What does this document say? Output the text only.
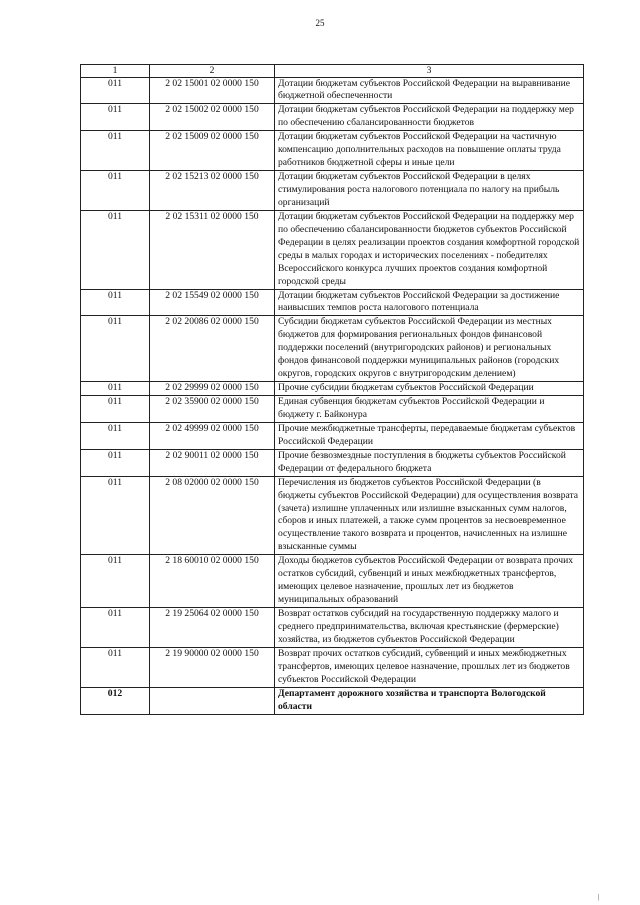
25
1	2	3
011	2 02 15001 02 0000 150	Дотации бюджетам субъектов Российской Федерации на выравнивание бюджетной обеспеченности
011	2 02 15002 02 0000 150	Дотации бюджетам субъектов Российской Федерации на поддержку мер по обеспечению сбалансированности бюджетов
011	2 02 15009 02 0000 150	Дотации бюджетам субъектов Российской Федерации на частичную компенсацию дополнительных расходов на повышение оплаты труда работников бюджетной сферы и иные цели
011	2 02 15213 02 0000 150	Дотации бюджетам субъектов Российской Федерации в целях стимулирования роста налогового потенциала по налогу на прибыль организаций
011	2 02 15311 02 0000 150	Дотации бюджетам субъектов Российской Федерации на поддержку мер по обеспечению сбалансированности бюджетов субъектов Российской Федерации в целях реализации проектов создания комфортной городской среды в малых городах и исторических поселениях - победителях Всероссийского конкурса лучших проектов создания комфортной городской среды
011	2 02 15549 02 0000 150	Дотации бюджетам субъектов Российской Федерации за достижение наивысших темпов роста налогового потенциала
011	2 02 20086 02 0000 150	Субсидии бюджетам субъектов Российской Федерации из местных бюджетов для формирования региональных фондов финансовой поддержки поселений (внутригородских районов) и региональных фондов финансовой поддержки муниципальных районов (городских округов, городских округов с внутригородским делением)
011	2 02 29999 02 0000 150	Прочие субсидии бюджетам субъектов Российской Федерации
011	2 02 35900 02 0000 150	Единая субвенция бюджетам субъектов Российской Федерации и бюджету г. Байконура
011	2 02 49999 02 0000 150	Прочие межбюджетные трансферты, передаваемые бюджетам субъектов Российской Федерации
011	2 02 90011 02 0000 150	Прочие безвозмездные поступления в бюджеты субъектов Российской Федерации от федерального бюджета
011	2 08 02000 02 0000 150	Перечисления из бюджетов субъектов Российской Федерации (в бюджеты субъектов Российской Федерации) для осуществления возврата (зачета) излишне уплаченных или излишне взысканных сумм налогов, сборов и иных платежей, а также сумм процентов за несвоевременное осуществление такого возврата и процентов, начисленных на излишне взысканные суммы
011	2 18 60010 02 0000 150	Доходы бюджетов субъектов Российской Федерации от возврата прочих остатков субсидий, субвенций и иных межбюджетных трансфертов, имеющих целевое назначение, прошлых лет из бюджетов муниципальных образований
011	2 19 25064 02 0000 150	Возврат остатков субсидий на государственную поддержку малого и среднего предпринимательства, включая крестьянские (фермерские) хозяйства, из бюджетов субъектов Российской Федерации
011	2 19 90000 02 0000 150	Возврат прочих остатков субсидий, субвенций и иных межбюджетных трансфертов, имеющих целевое назначение, прошлых лет из бюджетов субъектов Российской Федерации
012		Департамент дорожного хозяйства и транспорта Вологодской области
|
